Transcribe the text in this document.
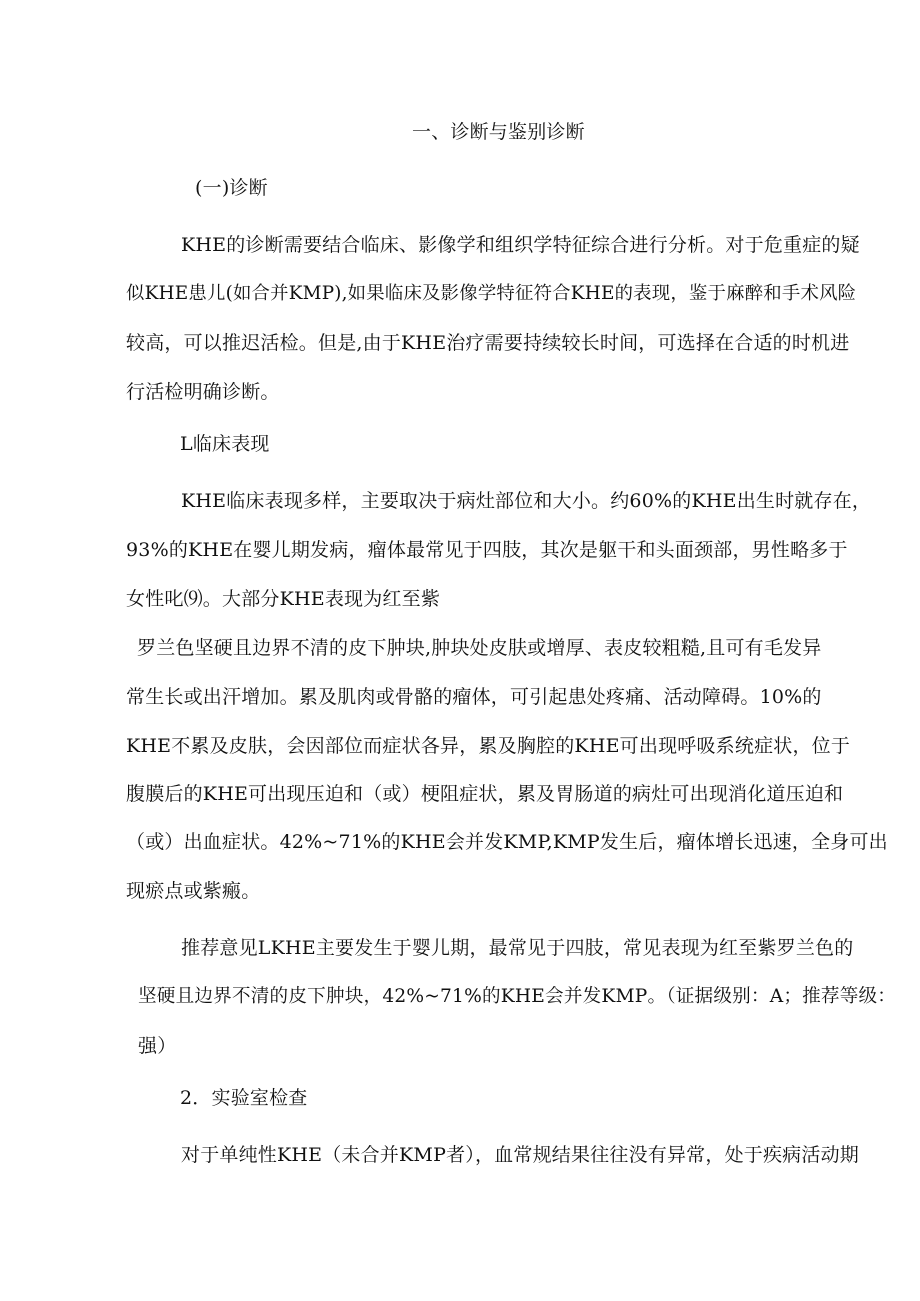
一、诊断与鉴别诊断
(一)诊断
KHE的诊断需要结合临床、影像学和组织学特征综合进行分析。对于危重症的疑
似KHE患儿(如合并KMP),如果临床及影像学特征符合KHE的表现，鉴于麻醉和手术风险
较高，可以推迟活检。但是,由于KHE治疗需要持续较长时间，可选择在合适的时机进
行活检明确诊断。
L临床表现
KHE临床表现多样，主要取决于病灶部位和大小。约60%的KHE出生时就存在，
93%的KHE在婴儿期发病，瘤体最常见于四肢，其次是躯干和头面颈部，男性略多于
女性叱⑼。大部分KHE表现为红至紫
罗兰色坚硬且边界不清的皮下肿块,肿块处皮肤或增厚、表皮较粗糙,且可有毛发异
常生长或出汗增加。累及肌肉或骨骼的瘤体，可引起患处疼痛、活动障碍。10%的
KHE不累及皮肤，会因部位而症状各异，累及胸腔的KHE可出现呼吸系统症状，位于
腹膜后的KHE可出现压迫和（或）梗阻症状，累及胃肠道的病灶可出现消化道压迫和
（或）出血症状。42%~71%的KHE会并发KMP,KMP发生后，瘤体增长迅速，全身可出
现瘀点或紫瘢。
推荐意见LKHE主要发生于婴儿期，最常见于四肢，常见表现为红至紫罗兰色的
坚硬且边界不清的皮下肿块，42%~71%的KHE会并发KMP。（证据级别：A；推荐等级：
强）
2．实验室检查
对于单纯性KHE（未合并KMP者），血常规结果往往没有异常，处于疾病活动期
